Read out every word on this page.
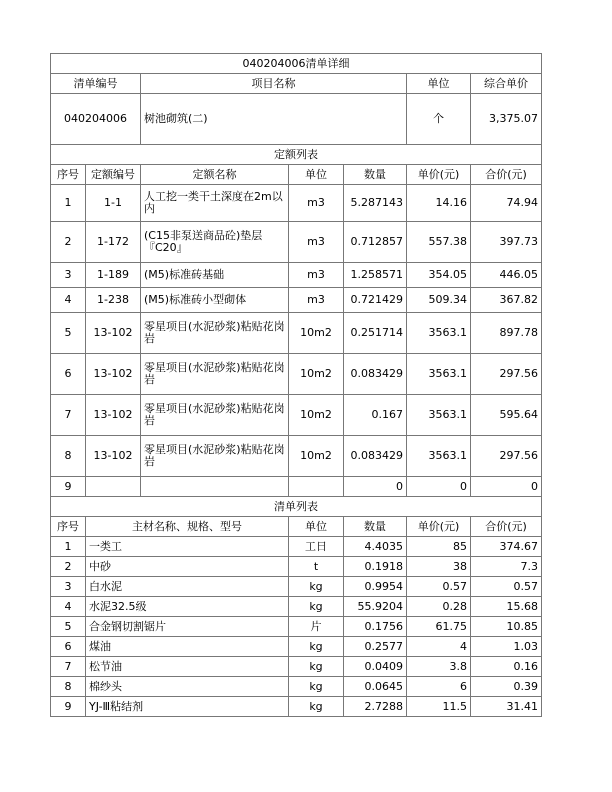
040204006清单详细						
清单编号		项目名称			单位	综合单价
040204006		树池砌筑(二)			个	3,375.07
定额列表						
序号	定额编号	定额名称	单位	数量	单价(元)	合价(元)
1	1-1	人工挖一类干土深度在2m以内	m3	5.287143	14.16	74.94
2	1-172	(C15非泵送商品砼)垫层『C20』	m3	0.712857	557.38	397.73
3	1-189	(M5)标准砖基础	m3	1.258571	354.05	446.05
4	1-238	(M5)标准砖小型砌体	m3	0.721429	509.34	367.82
5	13-102	零星项目(水泥砂浆)粘贴花岗岩	10m2	0.251714	3563.1	897.78
6	13-102	零星项目(水泥砂浆)粘贴花岗岩	10m2	0.083429	3563.1	297.56
7	13-102	零星项目(水泥砂浆)粘贴花岗岩	10m2	0.167	3563.1	595.64
8	13-102	零星项目(水泥砂浆)粘贴花岗岩	10m2	0.083429	3563.1	297.56
9				0	0	0
清单列表						
序号	主材名称、规格、型号	单位	数量	单价(元)	合价(元)
1	一类工	工日	4.4035	85	374.67
2	中砂	t	0.1918	38	7.3
3	白水泥	kg	0.9954	0.57	0.57
4	水泥32.5级	kg	55.9204	0.28	15.68
5	合金钢切割锯片	片	0.1756	61.75	10.85
6	煤油	kg	0.2577	4	1.03
7	松节油	kg	0.0409	3.8	0.16
8	棉纱头	kg	0.0645	6	0.39
9	YJ-Ⅲ粘结剂	kg	2.7288	11.5	31.41
